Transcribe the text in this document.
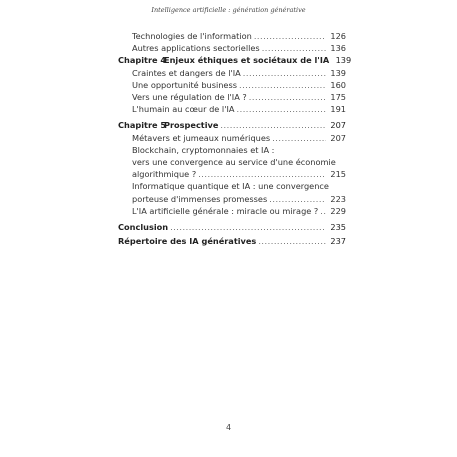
Intelligence artificielle : génération générative
Technologies de l'information .....	126
Autres applications sectorielles .....	136
Chapitre 4Enjeux éthiques et sociétaux de l'IA 139
Craintes et dangers de l'IA .....	139
Une opportunité business .....	160
Vers une régulation de l'IA ? .....	175
L'humain au cœur de l'IA .....	191
Chapitre 5Prospective .....	207
Métavers et jumeaux numériques .....	207
Blockchain, cryptomonnaies et IA :
vers une convergence au service d'une économie
algorithmique ? .....	215
Informatique quantique et IA : une convergence
porteuse d'immenses promesses .....	223
L'IA artificielle générale : miracle ou mirage ? ..... 229
Conclusion .....	235
Répertoire des IA génératives .....	237
4
